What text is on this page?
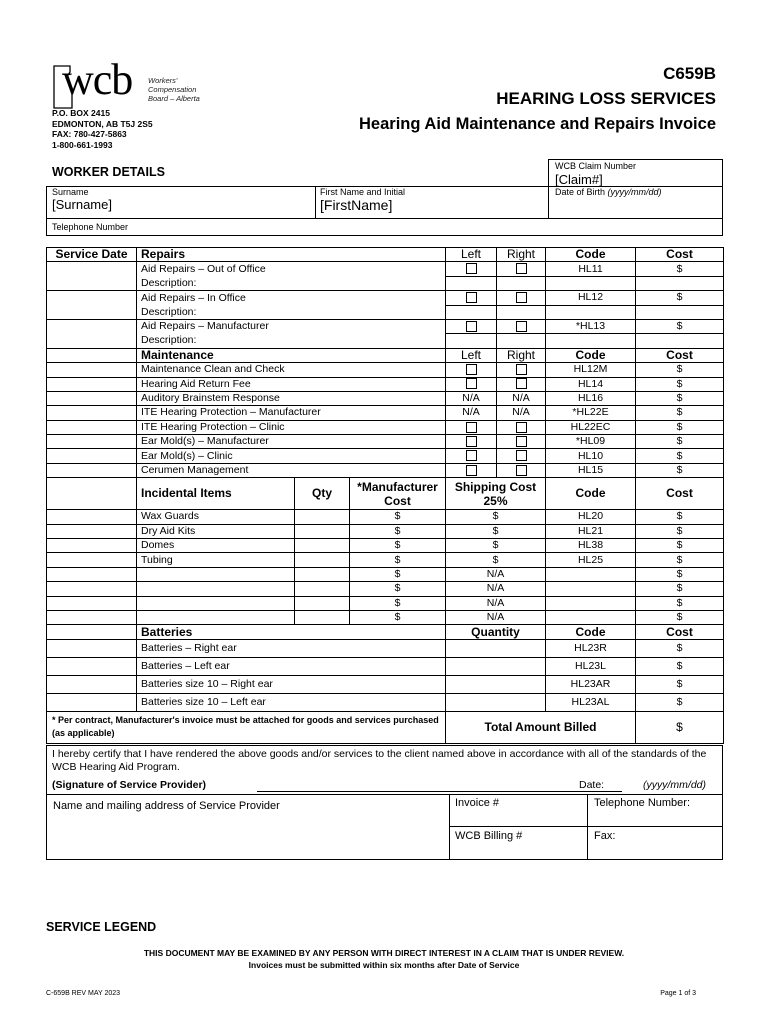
wcb Workers'
Compensation
Board – Alberta
P.O. BOX 2415
EDMONTON, AB T5J 2S5
FAX: 780-427-5863
1-800-661-1993
C659B
HEARING LOSS SERVICES
Hearing Aid Maintenance and Repairs Invoice
WORKER DETAILS	WCB Claim Number
[Claim#]
Surname
[Surname]
First Name and Initial
[FirstName]
Date of Birth (yyyy/mm/dd)
Telephone Number
Service Date	Repairs			Left	Right	Code	Cost
	Aid Repairs – Out of Office					HL11	$
	Description:						
	Aid Repairs – In Office					HL12	$
	Description:						
	Aid Repairs – Manufacturer					*HL13	$
	Description:						
	Maintenance			Left	Right	Code	Cost
	Maintenance Clean and Check					HL12M	$
	Hearing Aid Return Fee					HL14	$
	Auditory Brainstem Response			N/A	N/A	HL16	$
	ITE Hearing Protection – Manufacturer			N/A	N/A	*HL22E	$
	ITE Hearing Protection – Clinic					HL22EC	$
	Ear Mold(s) – Manufacturer					*HL09	$
	Ear Mold(s) – Clinic					HL10	$
	Cerumen Management					HL15	$
	Incidental Items	Qty	*Manufacturer Cost	Shipping Cost 25%		Code	Cost
	Wax Guards		$	$		HL20	$
	Dry Aid Kits		$	$		HL21	$
	Domes		$	$		HL38	$
	Tubing		$	$		HL25	$
			$	N/A			$
			$	N/A			$
			$	N/A			$
			$	N/A			$
	Batteries			Quantity		Code	Cost
	Batteries – Right ear					HL23R	$
	Batteries – Left ear					HL23L	$
	Batteries size 10 – Right ear					HL23AR	$
	Batteries size 10 – Left ear					HL23AL	$
* Per contract, Manufacturer's invoice must be attached for goods and services purchased (as applicable)				Total Amount Billed			$
I hereby certify that I have rendered the above goods and/or services to the client named above in accordance with all of the standards of the WCB Hearing Aid Program.
(Signature of Service Provider)	Date:	(yyyy/mm/dd)
Name and mailing address of Service Provider	Invoice #	Telephone Number:
WCB Billing #	Fax:
SERVICE LEGEND
THIS DOCUMENT MAY BE EXAMINED BY ANY PERSON WITH DIRECT INTEREST IN A CLAIM THAT IS UNDER REVIEW.
Invoices must be submitted within six months after Date of Service
C-659B REV MAY 2023	Page 1 of 3
